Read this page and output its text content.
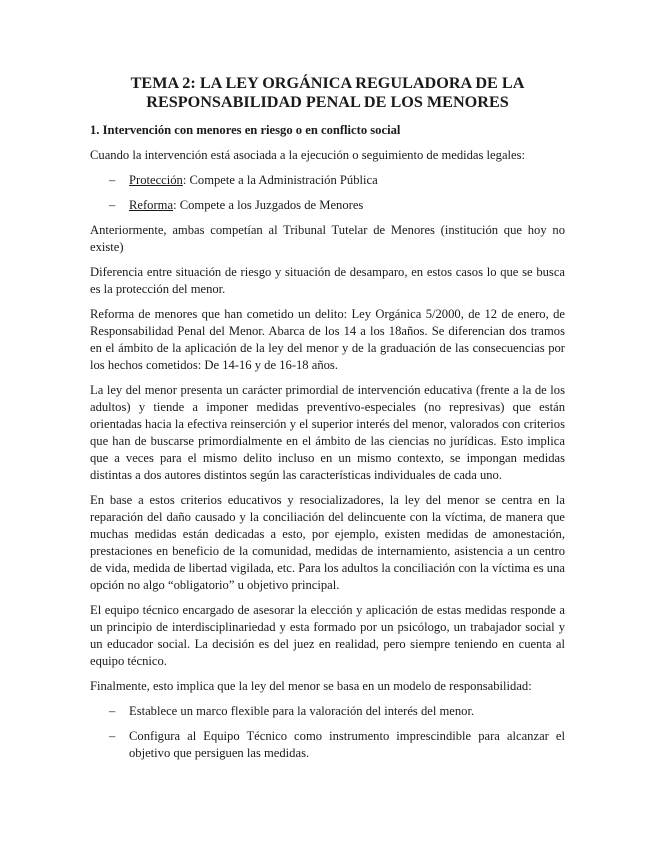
TEMA 2: LA LEY ORGÁNICA REGULADORA DE LA
RESPONSABILIDAD PENAL DE LOS MENORES
1. Intervención con menores en riesgo o en conflicto social

Cuando la intervención está asociada a la ejecución o seguimiento de medidas legales:

– Protección: Compete a la Administración Pública
– Reforma: Compete a los Juzgados de Menores

Anteriormente, ambas competían al Tribunal Tutelar de Menores (institución que hoy no existe)

Diferencia entre situación de riesgo y situación de desamparo, en estos casos lo que se busca es la protección del menor.

Reforma de menores que han cometido un delito: Ley Orgánica 5/2000, de 12 de enero, de Responsabilidad Penal del Menor. Abarca de los 14 a los 18años. Se diferencian dos tramos en el ámbito de la aplicación de la ley del menor y de la graduación de las consecuencias por los hechos cometidos: De 14-16 y de 16-18 años.

La ley del menor presenta un carácter primordial de intervención educativa (frente a la de los adultos) y tiende a imponer medidas preventivo-especiales (no represivas) que están orientadas hacia la efectiva reinserción y el superior interés del menor, valorados con criterios que han de buscarse primordialmente en el ámbito de las ciencias no jurídicas. Esto implica que a veces para el mismo delito incluso en un mismo contexto, se impongan medidas distintas a dos autores distintos según las características individuales de cada uno.

En base a estos criterios educativos y resocializadores, la ley del menor se centra en la reparación del daño causado y la conciliación del delincuente con la víctima, de manera que muchas medidas están dedicadas a esto, por ejemplo, existen medidas de amonestación, prestaciones en beneficio de la comunidad, medidas de internamiento, asistencia a un centro de vida, medida de libertad vigilada, etc. Para los adultos la conciliación con la víctima es una opción no algo “obligatorio” u objetivo principal.

El equipo técnico encargado de asesorar la elección y aplicación de estas medidas responde a un principio de interdisciplinariedad y esta formado por un psicólogo, un trabajador social y un educador social. La decisión es del juez en realidad, pero siempre teniendo en cuenta al equipo técnico.

Finalmente, esto implica que la ley del menor se basa en un modelo de responsabilidad:

– Establece un marco flexible para la valoración del interés del menor.
– Configura al Equipo Técnico como instrumento imprescindible para alcanzar el objetivo que persiguen las medidas.
